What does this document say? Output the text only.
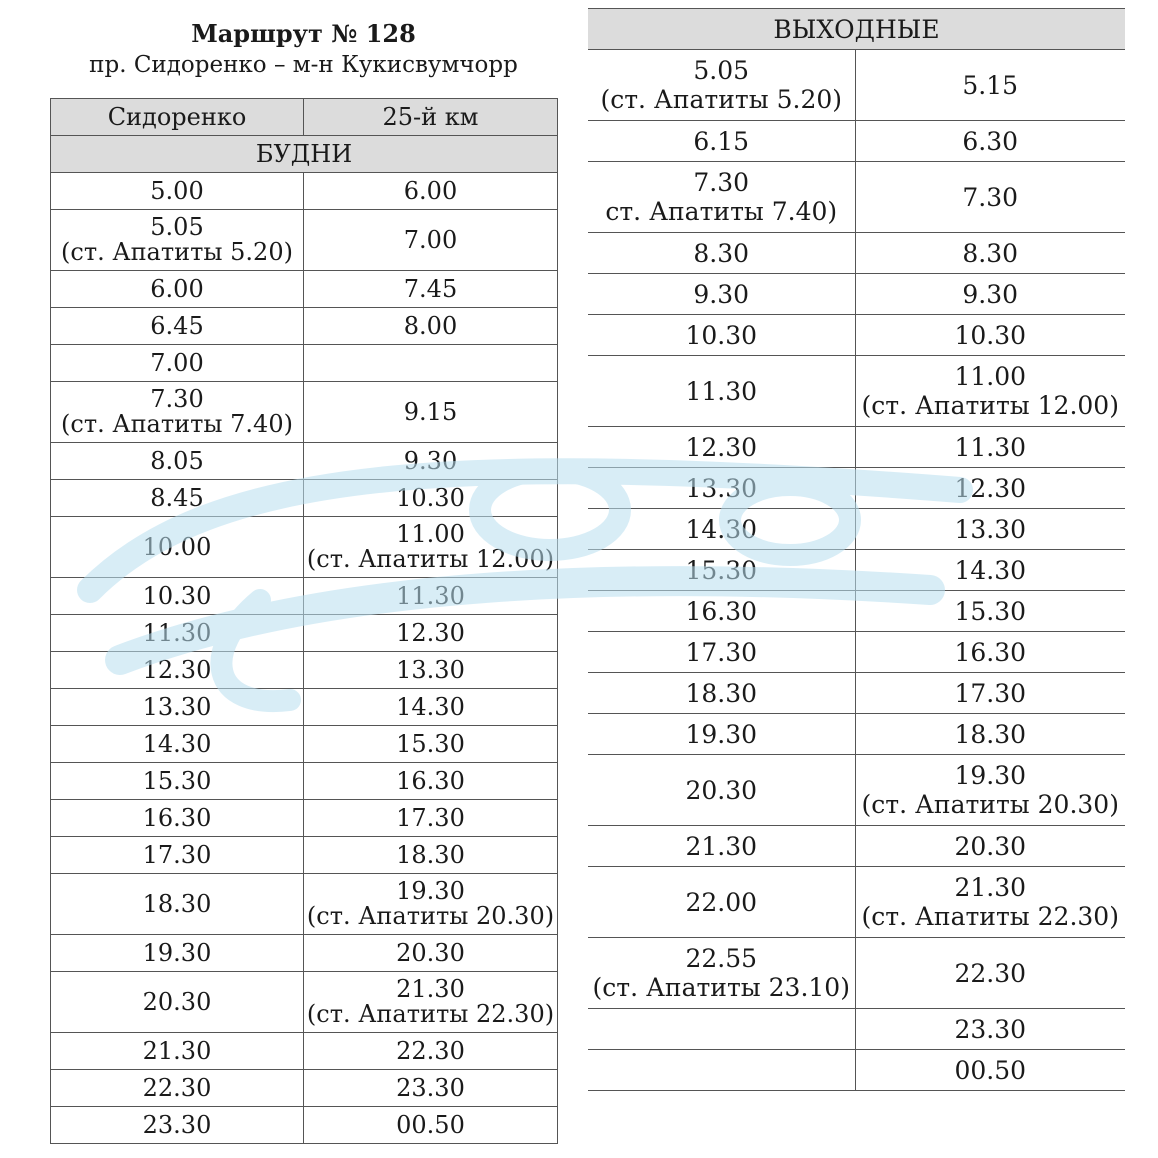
Маршрут № 128
пр. Сидоренко – м-н Кукисвумчорр
Сидоренко	25-й км
БУДНИ	

5.00	6.00

5.05
(ст. Апатиты 5.20)	7.00

6.00	7.45

6.45	8.00

7.00	

7.30
(ст. Апатиты 7.40)	9.15

8.05	9.30

8.45	10.30

10.00	11.00
(ст. Апатиты 12.00)

10.30	11.30

11.30	12.30

12.30	13.30

13.30	14.30

14.30	15.30

15.30	16.30

16.30	17.30

17.30	18.30

18.30	19.30
(ст. Апатиты 20.30)

19.30	20.30

20.30	21.30
(ст. Апатиты 22.30)

21.30	22.30

22.30	23.30

23.30	00.50
ВЫХОДНЫЕ	

5.05
(ст. Апатиты 5.20)	5.15

6.15	6.30

7.30
ст. Апатиты 7.40)	7.30

8.30	8.30

9.30	9.30

10.30	10.30

11.30	11.00
(ст. Апатиты 12.00)

12.30	11.30

13.30	12.30

14.30	13.30

15.30	14.30

16.30	15.30

17.30	16.30

18.30	17.30

19.30	18.30

20.30	19.30
(ст. Апатиты 20.30)

21.30	20.30

22.00	21.30
(ст. Апатиты 22.30)

22.55
(ст. Апатиты 23.10)	22.30

	23.30

	00.50
